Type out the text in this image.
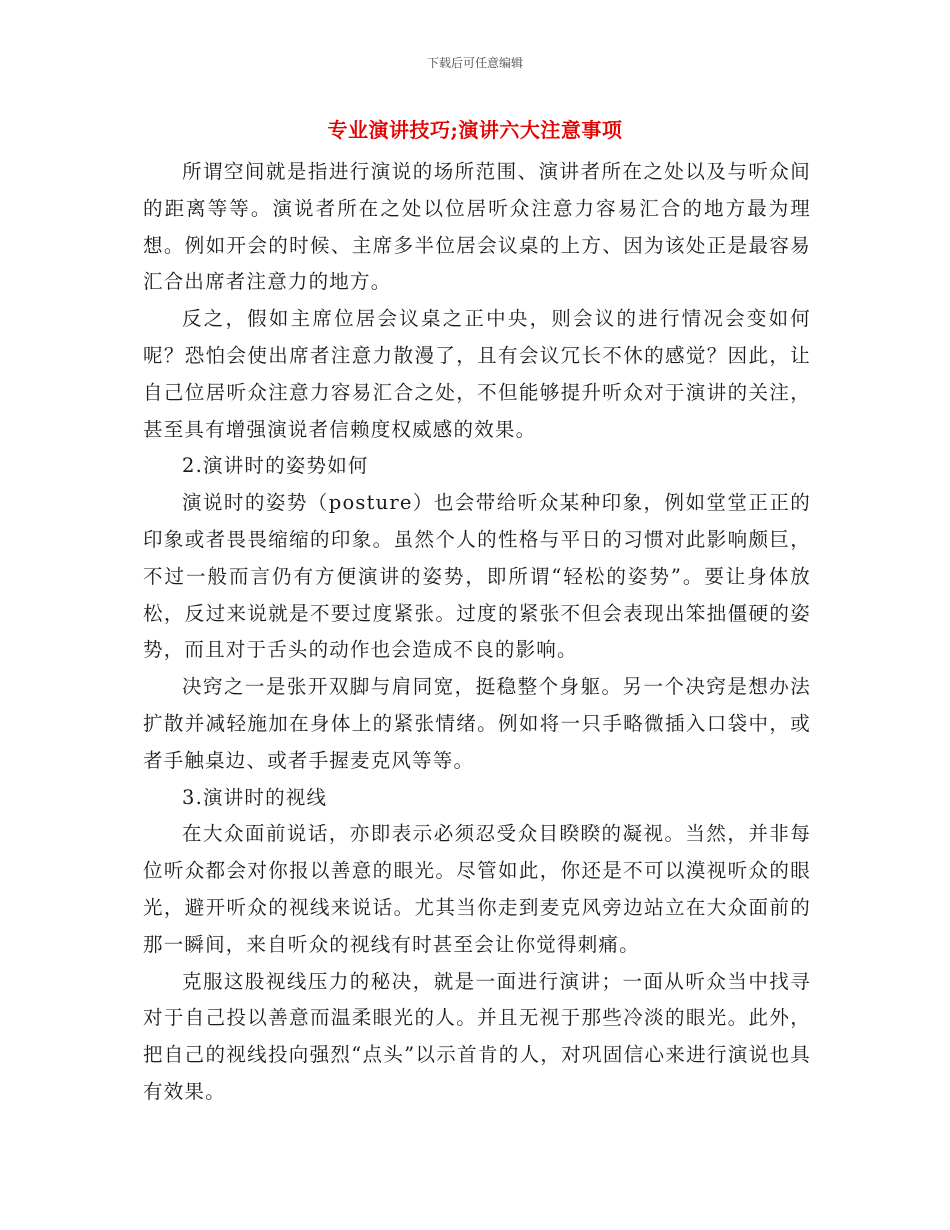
下载后可任意编辑
专业演讲技巧;演讲六大注意事项

所谓空间就是指进行演说的场所范围、演讲者所在之处以及与听众间的距离等等。演说者所在之处以位居听众注意力容易汇合的地方最为理想。例如开会的时候、主席多半位居会议桌的上方、因为该处正是最容易汇合出席者注意力的地方。

反之，假如主席位居会议桌之正中央，则会议的进行情况会变如何呢？恐怕会使出席者注意力散漫了，且有会议冗长不休的感觉？因此，让自己位居听众注意力容易汇合之处，不但能够提升听众对于演讲的关注，甚至具有增强演说者信赖度权威感的效果。

2.演讲时的姿势如何

演说时的姿势（posture）也会带给听众某种印象，例如堂堂正正的印象或者畏畏缩缩的印象。虽然个人的性格与平日的习惯对此影响颇巨，不过一般而言仍有方便演讲的姿势，即所谓“轻松的姿势”。要让身体放松，反过来说就是不要过度紧张。过度的紧张不但会表现出笨拙僵硬的姿势，而且对于舌头的动作也会造成不良的影响。

决窍之一是张开双脚与肩同宽，挺稳整个身躯。另一个决窍是想办法扩散并减轻施加在身体上的紧张情绪。例如将一只手略微插入口袋中，或者手触桌边、或者手握麦克风等等。

3.演讲时的视线

在大众面前说话，亦即表示必须忍受众目睽睽的凝视。当然，并非每位听众都会对你报以善意的眼光。尽管如此，你还是不可以漠视听众的眼光，避开听众的视线来说话。尤其当你走到麦克风旁边站立在大众面前的那一瞬间，来自听众的视线有时甚至会让你觉得刺痛。

克服这股视线压力的秘决，就是一面进行演讲；一面从听众当中找寻对于自己投以善意而温柔眼光的人。并且无视于那些冷淡的眼光。此外，把自己的视线投向强烈“点头”以示首肯的人，对巩固信心来进行演说也具有效果。
